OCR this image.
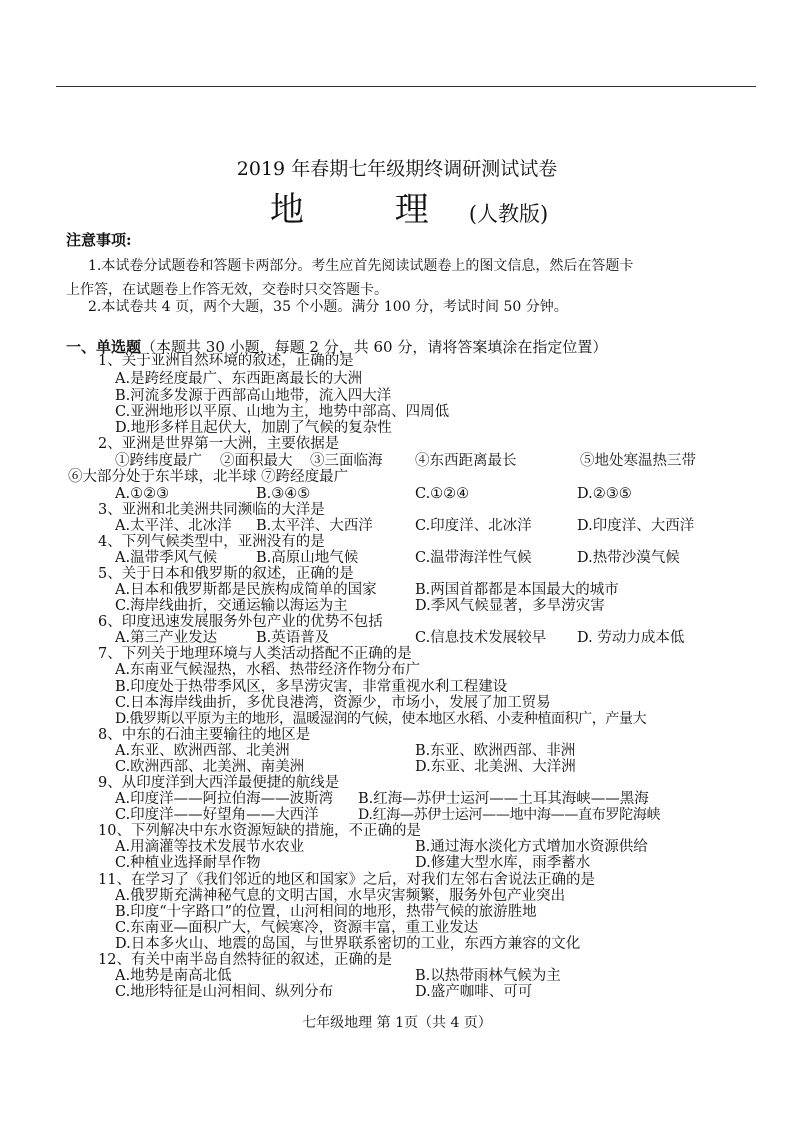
2019 年春期七年级期终调研测试试卷
地 理(人教版)
注意事项:
1.本试卷分试题卷和答题卡两部分。考生应首先阅读试题卷上的图文信息，然后在答题卡
上作答，在试题卷上作答无效，交卷时只交答题卡。
2.本试卷共 4 页，两个大题，35 个小题。满分 100 分，考试时间 50 分钟。
一、单选题（本题共 30 小题，每题 2 分，共 60 分，请将答案填涂在指定位置）
1、关于亚洲自然环境的叙述，正确的是
A.是跨经度最广、东西距离最长的大洲
B.河流多发源于西部高山地带，流入四大洋
C.亚洲地形以平原、山地为主，地势中部高、四周低
D.地形多样且起伏大，加剧了气候的复杂性
2、亚洲是世界第一大洲，主要依据是
①跨纬度最广 ②面积最大 ③三面临海 ④东西距离最长	⑤地处寒温热三带
⑥大部分处于东半球，北半球 ⑦跨经度最广
A.①②③	B.③④⑤	C.①②④	D.②③⑤
3、亚洲和北美洲共同濒临的大洋是
A.太平洋、北冰洋 B.太平洋、大西洋	C.印度洋、北冰洋	D.印度洋、大西洋
4、下列气候类型中，亚洲没有的是
A.温带季风气候	B.高原山地气候	C.温带海洋性气候	D.热带沙漠气候
5、关于日本和俄罗斯的叙述，正确的是
A.日本和俄罗斯都是民族构成简单的国家	B.两国首都都是本国最大的城市
C.海岸线曲折，交通运输以海运为主	D.季风气候显著，多旱涝灾害
6、印度迅速发展服务外包产业的优势不包括
A.第三产业发达	B.英语普及	C.信息技术发展较早 D. 劳动力成本低
7、下列关于地理环境与人类活动搭配不正确的是
A.东南亚气候湿热，水稻、热带经济作物分布广
B.印度处于热带季风区，多旱涝灾害，非常重视水利工程建设
C.日本海岸线曲折，多优良港湾，资源少，市场小，发展了加工贸易
D.俄罗斯以平原为主的地形，温暖湿润的气候，使本地区水稻、小麦种植面积广，产量大
8、中东的石油主要输往的地区是
A.东亚、欧洲西部、北美洲	B.东亚、欧洲西部、非洲
C.欧洲西部、北美洲、南美洲	D.东亚、北美洲、大洋洲
9、从印度洋到大西洋最便捷的航线是
A.印度洋——阿拉伯海——波斯湾 B.红海—苏伊士运河——土耳其海峡——黑海
C.印度洋——好望角——大西洋	D.红海—苏伊士运河——地中海——直布罗陀海峡
10、下列解决中东水资源短缺的措施，不正确的是
A.用滴灌等技术发展节水农业	B.通过海水淡化方式增加水资源供给
C.种植业选择耐旱作物	D.修建大型水库，雨季蓄水
11、在学习了《我们邻近的地区和国家》之后，对我们左邻右舍说法正确的是
A.俄罗斯充满神秘气息的文明古国，水旱灾害频繁，服务外包产业突出
B.印度“十字路口”的位置，山河相间的地形，热带气候的旅游胜地
C.东南亚—面积广大，气候寒冷，资源丰富，重工业发达
D.日本多火山、地震的岛国，与世界联系密切的工业，东西方兼容的文化
12、有关中南半岛自然特征的叙述，正确的是
A.地势是南高北低	B.以热带雨林气候为主
C.地形特征是山河相间、纵列分布	D.盛产咖啡、可可
七年级地理 第 1页（共 4 页）
